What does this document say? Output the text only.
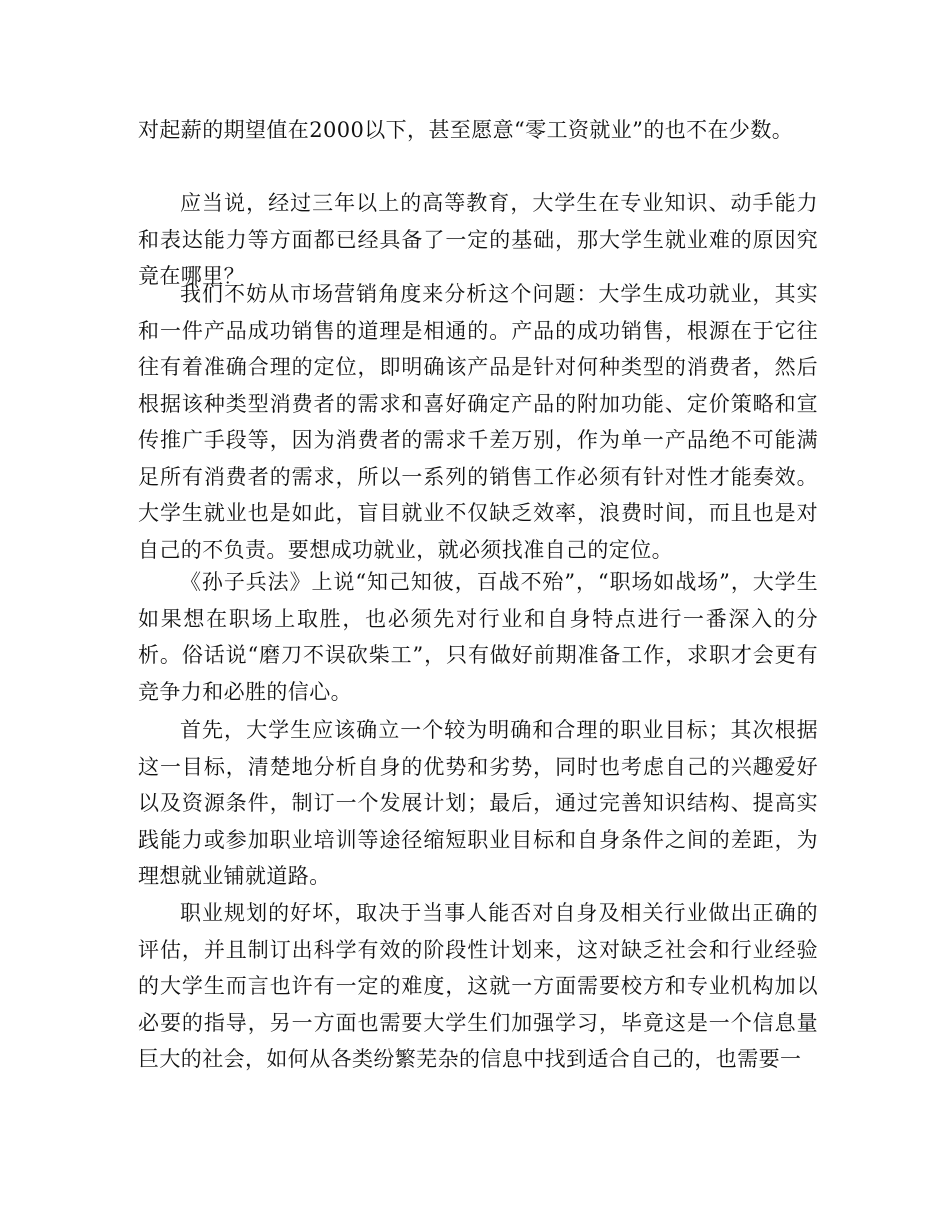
对起薪的期望值在2000以下，甚至愿意“零工资就业”的也不在少数。

应当说，经过三年以上的高等教育，大学生在专业知识、动手能力和表达能力等方面都已经具备了一定的基础，那大学生就业难的原因究竟在哪里？

我们不妨从市场营销角度来分析这个问题：大学生成功就业，其实和一件产品成功销售的道理是相通的。产品的成功销售，根源在于它往往有着准确合理的定位，即明确该产品是针对何种类型的消费者，然后根据该种类型消费者的需求和喜好确定产品的附加功能、定价策略和宣传推广手段等，因为消费者的需求千差万别，作为单一产品绝不可能满足所有消费者的需求，所以一系列的销售工作必须有针对性才能奏效。大学生就业也是如此，盲目就业不仅缺乏效率，浪费时间，而且也是对自己的不负责。要想成功就业，就必须找准自己的定位。

《孙子兵法》上说“知己知彼，百战不殆”，“职场如战场”，大学生如果想在职场上取胜，也必须先对行业和自身特点进行一番深入的分析。俗话说“磨刀不误砍柴工”，只有做好前期准备工作，求职才会更有竞争力和必胜的信心。

首先，大学生应该确立一个较为明确和合理的职业目标；其次根据这一目标，清楚地分析自身的优势和劣势，同时也考虑自己的兴趣爱好以及资源条件，制订一个发展计划；最后，通过完善知识结构、提高实践能力或参加职业培训等途径缩短职业目标和自身条件之间的差距，为理想就业铺就道路。

职业规划的好坏，取决于当事人能否对自身及相关行业做出正确的评估，并且制订出科学有效的阶段性计划来，这对缺乏社会和行业经验的大学生而言也许有一定的难度，这就一方面需要校方和专业机构加以必要的指导，另一方面也需要大学生们加强学习，毕竟这是一个信息量巨大的社会，如何从各类纷繁芜杂的信息中找到适合自己的，也需要一
